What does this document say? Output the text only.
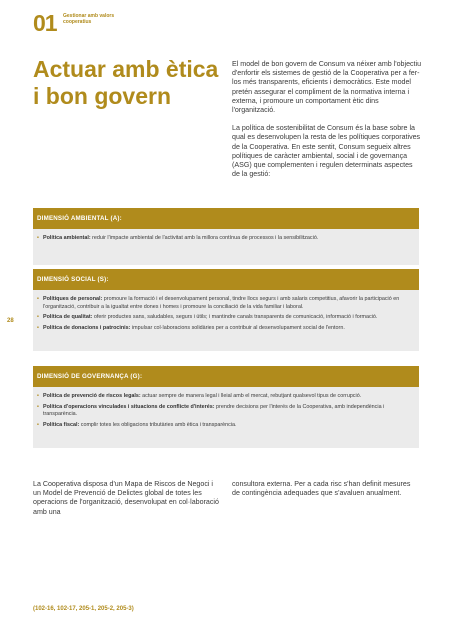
01 Gestionar amb valors cooperatius
Actuar amb ètica i bon govern

El model de bon govern de Consum va néixer amb l'objectiu d'enfortir els sistemes de gestió de la Cooperativa per a fer-los més transparents, eficients i democràtics. Este model pretén assegurar el compliment de la normativa interna i externa, i promoure un comportament ètic dins l'organització.

La política de sostenibilitat de Consum és la base sobre la qual es desenvolupen la resta de les polítiques corporatives de la Cooperativa. En este sentit, Consum segueix altres polítiques de caràcter ambiental, social i de governança (ASG) que complementen i regulen determinats aspectes de la gestió:

DIMENSIÓ AMBIENTAL (A):
• Política ambiental: reduir l'impacte ambiental de l'activitat amb la millora contínua de processos i la sensibilització.
DIMENSIÓ SOCIAL (S):
• Polítiques de personal: promoure la formació i el desenvolupament personal, tindre llocs segurs i amb salaris competitius, afavorir la participació en l'organització, contribuir a la igualtat entre dones i homes i promoure la conciliació de la vida familiar i laboral.
• Política de qualitat: oferir productes sans, saludables, segurs i útils; i mantindre canals transparents de comunicació, informació i formació.
• Política de donacions i patrocinis: impulsar col·laboracions solidàries per a contribuir al desenvolupament social de l'entorn.
28
DIMENSIÓ DE GOVERNANÇA (G):
• Política de prevenció de riscos legals: actuar sempre de manera legal i lleial amb el mercat, rebutjant qualsevol tipus de corrupció.
• Política d'operacions vinculades i situacions de conflicte d'interés: prendre decisions per l'interés de la Cooperativa, amb independència i transparència.
• Política fiscal: complir totes les obligacions tributàries amb ètica i transparència.
La Cooperativa disposa d'un Mapa de Riscos de Negoci i un Model de Prevenció de Delictes global de totes les operacions de l'organització, desenvolupat en col·laboració amb una
consultora externa. Per a cada risc s'han definit mesures de contingència adequades que s'avaluen anualment.
(102-16, 102-17, 205-1, 205-2, 205-3)
